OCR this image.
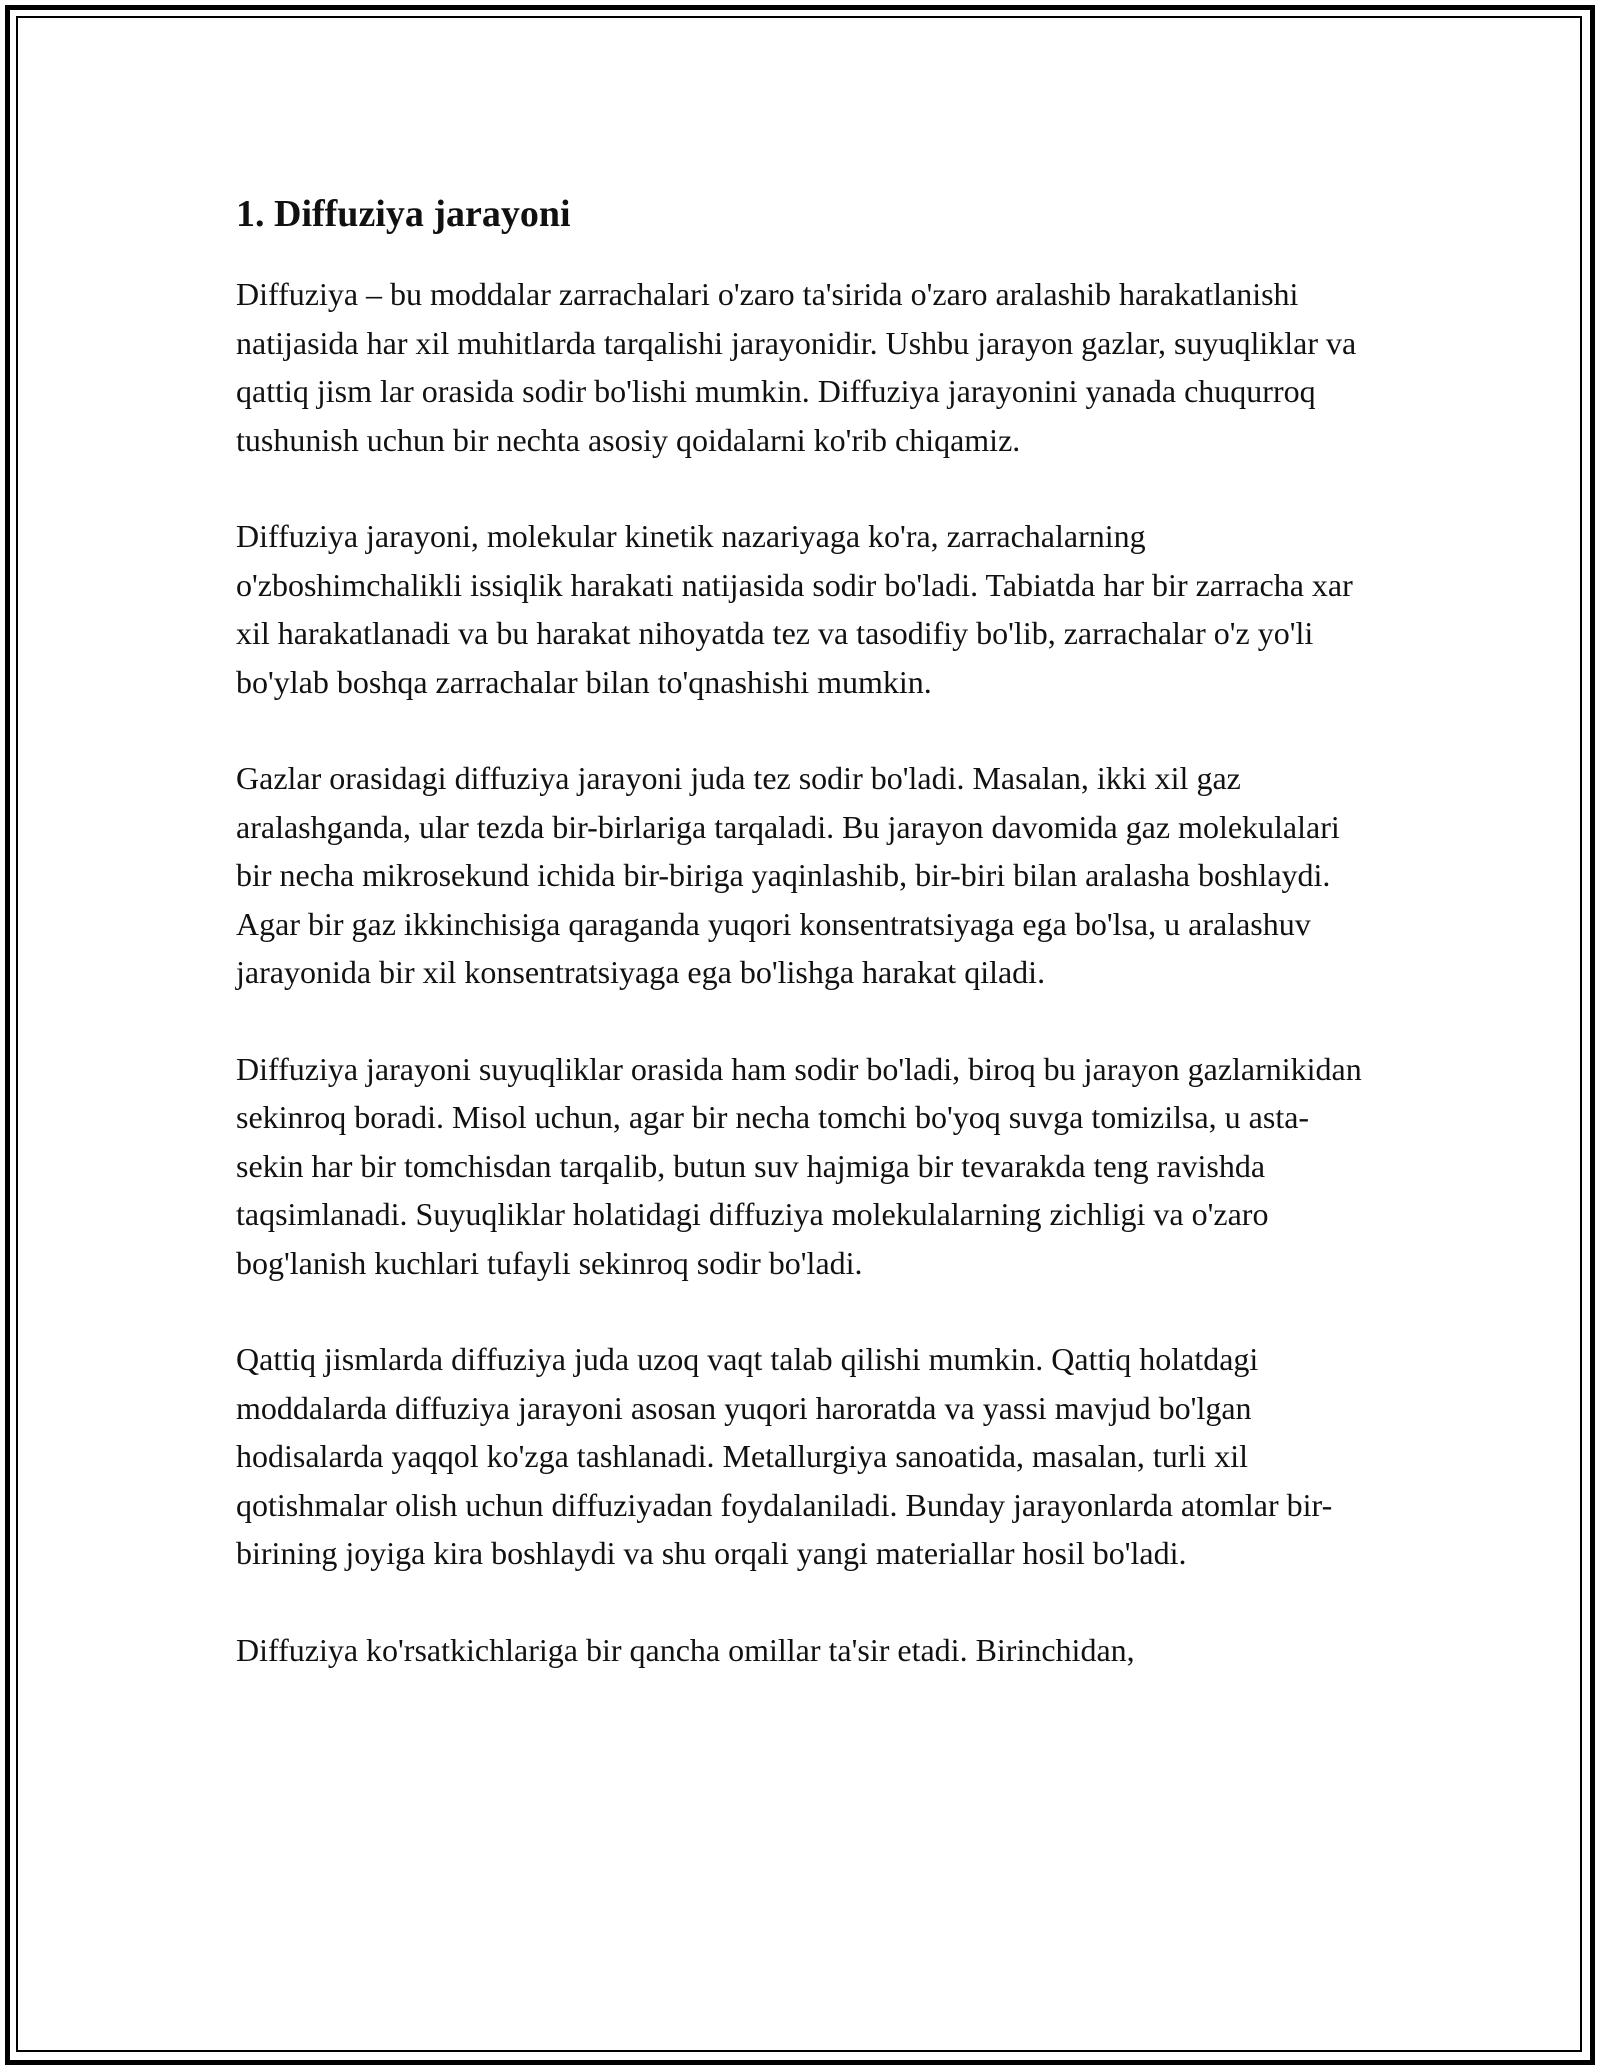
1. Diffuziya jarayoni

Diffuziya – bu moddalar zarrachalari o'zaro ta'sirida o'zaro aralashib harakatlanishi natijasida har xil muhitlarda tarqalishi jarayonidir. Ushbu jarayon gazlar, suyuqliklar va qattiq jism lar orasida sodir bo'lishi mumkin. Diffuziya jarayonini yanada chuqurroq tushunish uchun bir nechta asosiy qoidalarni ko'rib chiqamiz.

Diffuziya jarayoni, molekular kinetik nazariyaga ko'ra, zarrachalarning o'zboshimchalikli issiqlik harakati natijasida sodir bo'ladi. Tabiatda har bir zarracha xar xil harakatlanadi va bu harakat nihoyatda tez va tasodifiy bo'lib, zarrachalar o'z yo'li bo'ylab boshqa zarrachalar bilan to'qnashishi mumkin.

Gazlar orasidagi diffuziya jarayoni juda tez sodir bo'ladi. Masalan, ikki xil gaz aralashganda, ular tezda bir-birlariga tarqaladi. Bu jarayon davomida gaz molekulalari bir necha mikrosekund ichida bir-biriga yaqinlashib, bir-biri bilan aralasha boshlaydi. Agar bir gaz ikkinchisiga qaraganda yuqori konsentratsiyaga ega bo'lsa, u aralashuv jarayonida bir xil konsentratsiyaga ega bo'lishga harakat qiladi.

Diffuziya jarayoni suyuqliklar orasida ham sodir bo'ladi, biroq bu jarayon gazlarnikidan sekinroq boradi. Misol uchun, agar bir necha tomchi bo'yoq suvga tomizilsa, u asta-sekin har bir tomchisdan tarqalib, butun suv hajmiga bir tevarakda teng ravishda taqsimlanadi. Suyuqliklar holatidagi diffuziya molekulalarning zichligi va o'zaro bog'lanish kuchlari tufayli sekinroq sodir bo'ladi.

Qattiq jismlarda diffuziya juda uzoq vaqt talab qilishi mumkin. Qattiq holatdagi moddalarda diffuziya jarayoni asosan yuqori haroratda va yassi mavjud bo'lgan hodisalarda yaqqol ko'zga tashlanadi. Metallurgiya sanoatida, masalan, turli xil qotishmalar olish uchun diffuziyadan foydalaniladi. Bunday jarayonlarda atomlar bir-birining joyiga kira boshlaydi va shu orqali yangi materiallar hosil bo'ladi.

Diffuziya ko'rsatkichlariga bir qancha omillar ta'sir etadi. Birinchidan,
